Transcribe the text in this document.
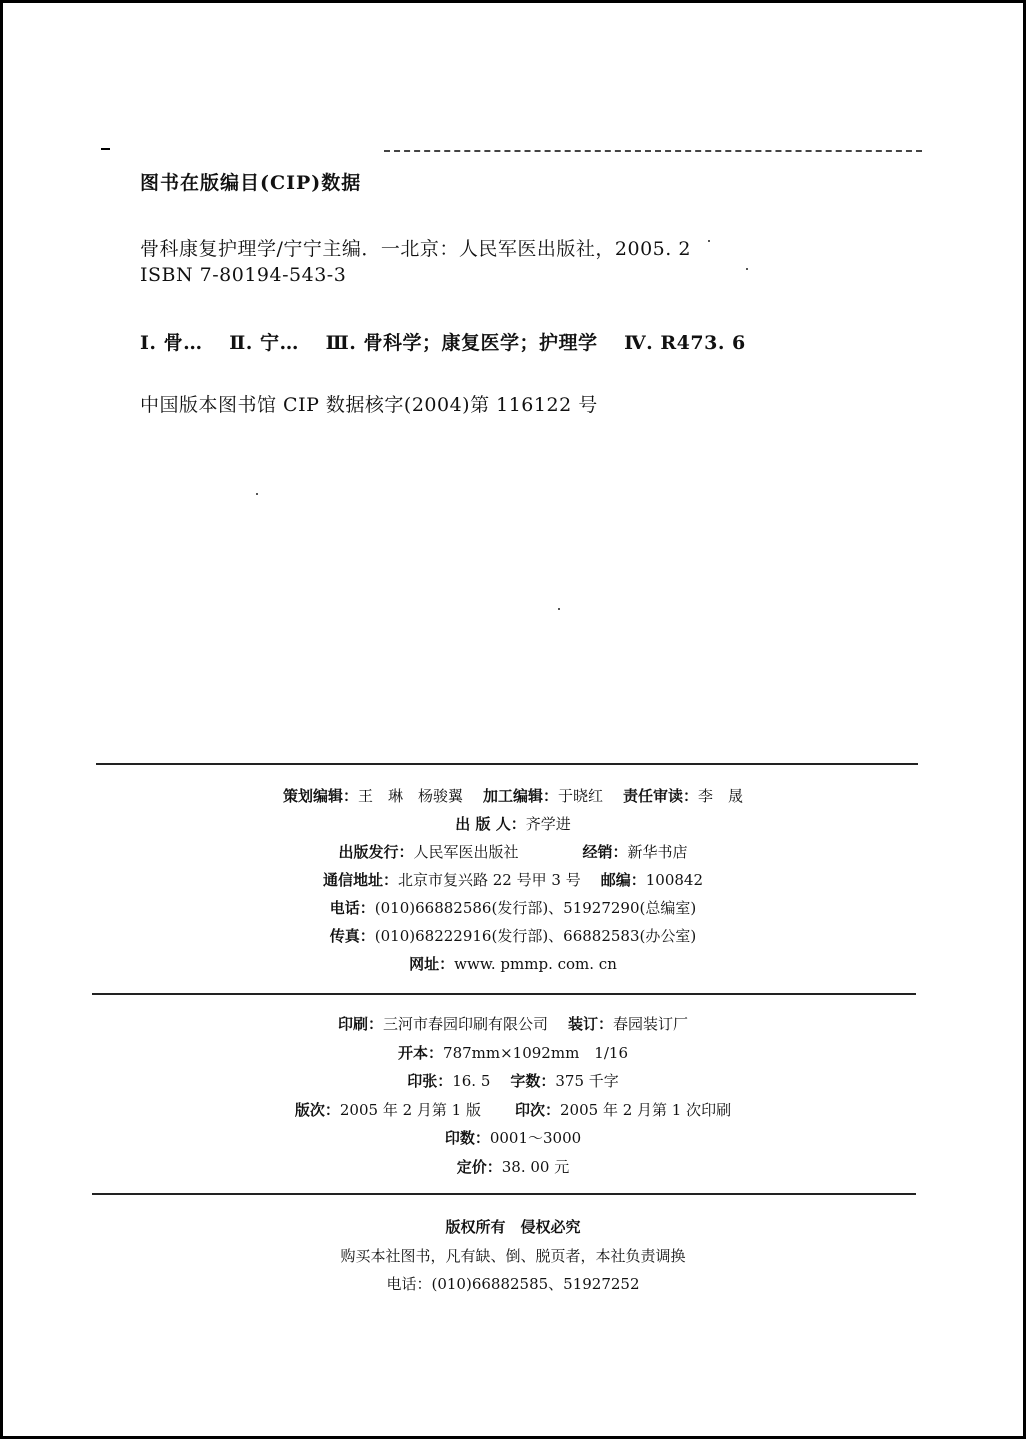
图书在版编目(CIP)数据
骨科康复护理学/宁宁主编．一北京：人民军医出版社，2005. 2
ISBN 7-80194-543-3
Ⅰ. 骨…　 Ⅱ. 宁…　 Ⅲ. 骨科学；康复医学；护理学　 Ⅳ. R473. 6
中国版本图书馆 CIP 数据核字(2004)第 116122 号
策划编辑：王　琳　杨骏翼 加工编辑：于晓红 责任审读：李　晟
出 版 人：齐学进
出版发行：人民军医出版社	经销：新华书店
通信地址：北京市复兴路 22 号甲 3 号 邮编：100842
电话：(010)66882586(发行部)、51927290(总编室)
传真：(010)68222916(发行部)、66882583(办公室)
网址：www. pmmp. com. cn
印刷：三河市春园印刷有限公司 装订：春园装订厂
开本：787mm×1092mm　1/16
印张：16. 5 字数：375 千字
版次：2005 年 2 月第 1 版 印次：2005 年 2 月第 1 次印刷
印数：0001～3000
定价：38. 00 元
版权所有　侵权必究
购买本社图书，凡有缺、倒、脱页者，本社负责调换
电话：(010)66882585、51927252
